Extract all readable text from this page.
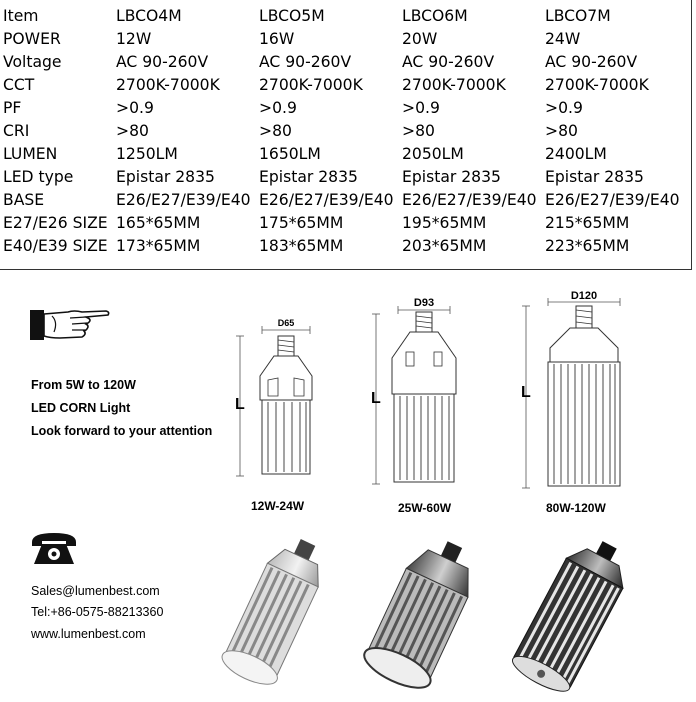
Item	LBCO4M	LBCO5M	LBCO6M	LBCO7M
POWER	12W	16W	20W	24W
Voltage	AC 90-260V	AC 90-260V	AC 90-260V	AC 90-260V
CCT	2700K-7000K	2700K-7000K	2700K-7000K	2700K-7000K
PF	>0.9	>0.9	>0.9	>0.9
CRI	>80	>80	>80	>80
LUMEN	1250LM	1650LM	2050LM	2400LM
LED type	Epistar 2835	Epistar 2835	Epistar 2835	Epistar 2835
BASE	E26/E27/E39/E40	E26/E27/E39/E40	E26/E27/E39/E40	E26/E27/E39/E40
E27/E26 SIZE	165*65MM	175*65MM	195*65MM	215*65MM
E40/E39 SIZE	173*65MM	183*65MM	203*65MM	223*65MM
From 5W to 120W
LED CORN Light
Look forward to your attention
Sales@lumenbest.com
Tel:+86-0575-88213360
www.lumenbest.com
D65
12W-24W
L
D93
25W-60W
L
D120
80W-120W
L
